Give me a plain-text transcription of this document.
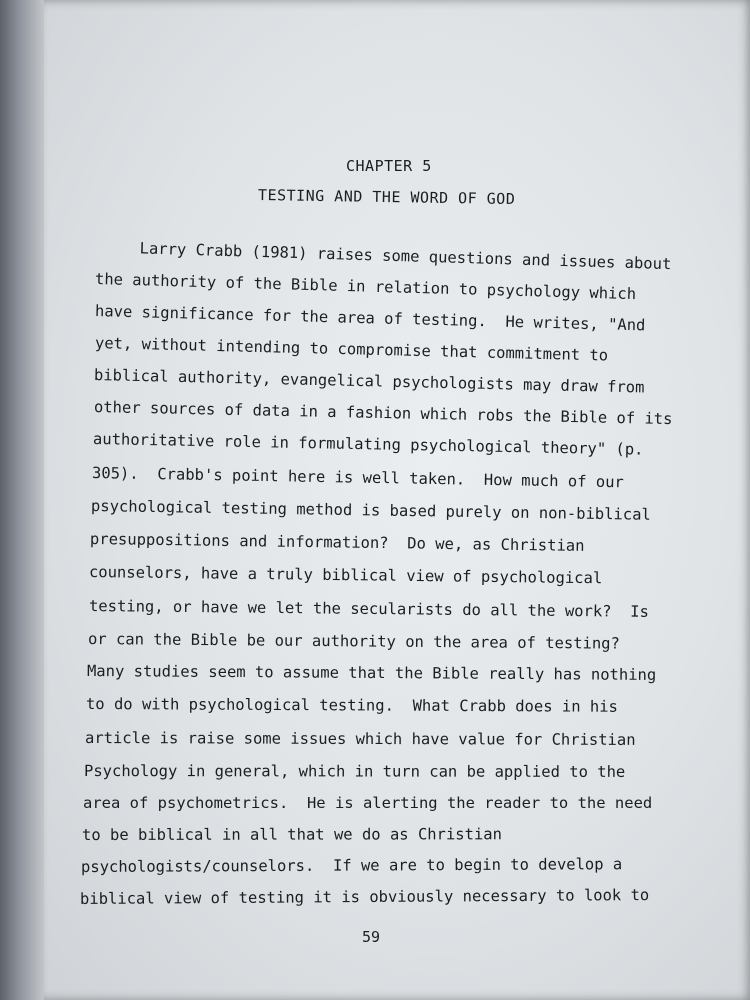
CHAPTER 5
TESTING AND THE WORD OF GOD
Larry Crabb (1981) raises some questions and issues about
the authority of the Bible in relation to psychology which
have significance for the area of testing.  He writes, "And
yet, without intending to compromise that commitment to
biblical authority, evangelical psychologists may draw from
other sources of data in a fashion which robs the Bible of its
authoritative role in formulating psychological theory" (p.
305).  Crabb's point here is well taken.  How much of our
psychological testing method is based purely on non-biblical
presuppositions and information?  Do we, as Christian
counselors, have a truly biblical view of psychological
testing, or have we let the secularists do all the work?  Is
or can the Bible be our authority on the area of testing?
Many studies seem to assume that the Bible really has nothing
to do with psychological testing.  What Crabb does in his
article is raise some issues which have value for Christian
Psychology in general, which in turn can be applied to the
area of psychometrics.  He is alerting the reader to the need
to be biblical in all that we do as Christian
psychologists/counselors.  If we are to begin to develop a
biblical view of testing it is obviously necessary to look to
59
